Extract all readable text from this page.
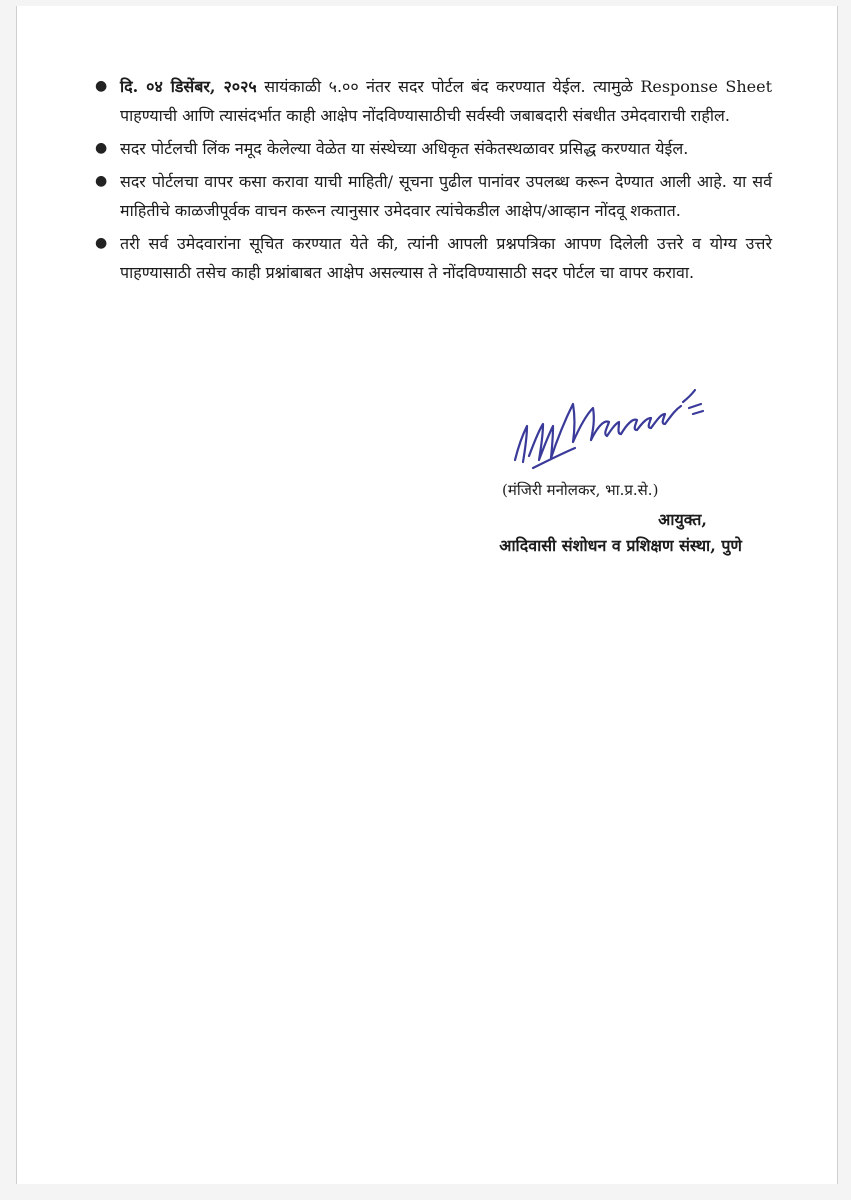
● दि. ०४ डिसेंबर, २०२५ सायंकाळी ५.०० नंतर सदर पोर्टल बंद करण्यात येईल. त्यामुळे Response Sheet पाहण्याची आणि त्यासंदर्भात काही आक्षेप नोंदविण्यासाठीची सर्वस्वी जबाबदारी संबधीत उमेदवाराची राहील.
● सदर पोर्टलची लिंक नमूद केलेल्या वेळेत या संस्थेच्या अधिकृत संकेतस्थळावर प्रसिद्ध करण्यात येईल.
● सदर पोर्टलचा वापर कसा करावा याची माहिती/ सूचना पुढील पानांवर उपलब्ध करून देण्यात आली आहे. या सर्व माहितीचे काळजीपूर्वक वाचन करून त्यानुसार उमेदवार त्यांचेकडील आक्षेप/आव्हान नोंदवू शकतात.
● तरी सर्व उमेदवारांना सूचित करण्यात येते की, त्यांनी आपली प्रश्नपत्रिका आपण दिलेली उत्तरे व योग्य उत्तरे पाहण्यासाठी तसेच काही प्रश्नांबाबत आक्षेप असल्यास ते नोंदविण्यासाठी सदर पोर्टल चा वापर करावा.
(मंजिरी मनोलकर, भा.प्र.से.)
आयुक्त,
आदिवासी संशोधन व प्रशिक्षण संस्था, पुणे
